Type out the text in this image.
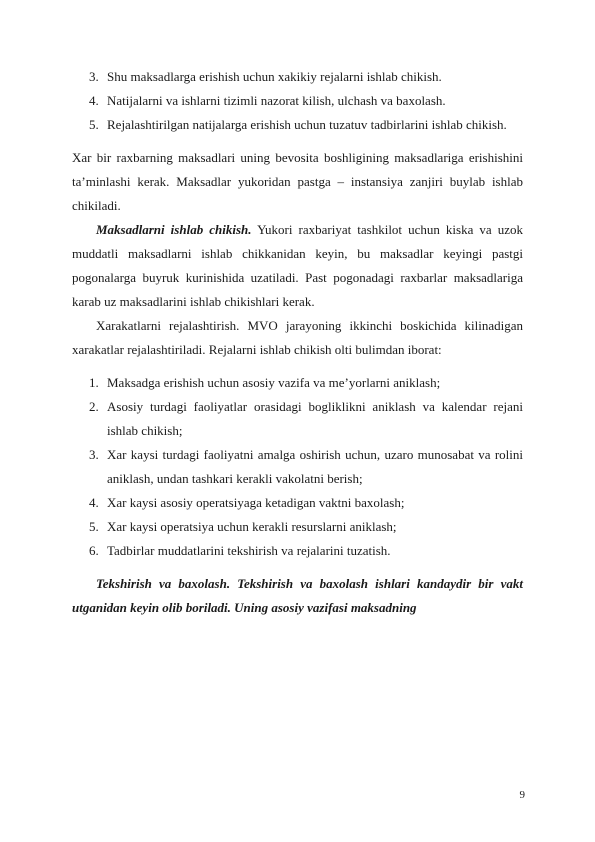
3. Shu maksadlarga erishish uchun xakikiy rejalarni ishlab chikish.
4. Natijalarni va ishlarni tizimli nazorat kilish, ulchash va baxolash.
5. Rejalashtirilgan natijalarga erishish uchun tuzatuv tadbirlarini ishlab chikish.

Xar bir raxbarning maksadlari uning bevosita boshligining maksadlariga erishishini ta’minlashi kerak. Maksadlar yukoridan pastga – instansiya zanjiri buylab ishlab chikiladi.

Maksadlarni ishlab chikish. Yukori raxbariyat tashkilot uchun kiska va uzok muddatli maksadlarni ishlab chikkanidan keyin, bu maksadlar keyingi pastgi pogonalarga buyruk kurinishida uzatiladi. Past pogonadagi raxbarlar maksadlariga karab uz maksadlarini ishlab chikishlari kerak.

Xarakatlarni rejalashtirish. MVO jarayoning ikkinchi boskichida kilinadigan xarakatlar rejalashtiriladi. Rejalarni ishlab chikish olti bulimdan iborat:

1. Maksadga erishish uchun asosiy vazifa va me’yorlarni aniklash;
2. Asosiy turdagi faoliyatlar orasidagi bogliklikni aniklash va kalendar rejani ishlab chikish;
3. Xar kaysi turdagi faoliyatni amalga oshirish uchun, uzaro munosabat va rolini aniklash, undan tashkari kerakli vakolatni berish;
4. Xar kaysi asosiy operatsiyaga ketadigan vaktni baxolash;
5. Xar kaysi operatsiya uchun kerakli resurslarni aniklash;
6. Tadbirlar muddatlarini tekshirish va rejalarini tuzatish.

Tekshirish va baxolash. Tekshirish va baxolash ishlari kandaydir bir vakt utganidan keyin olib boriladi. Uning asosiy vazifasi maksadning

9
